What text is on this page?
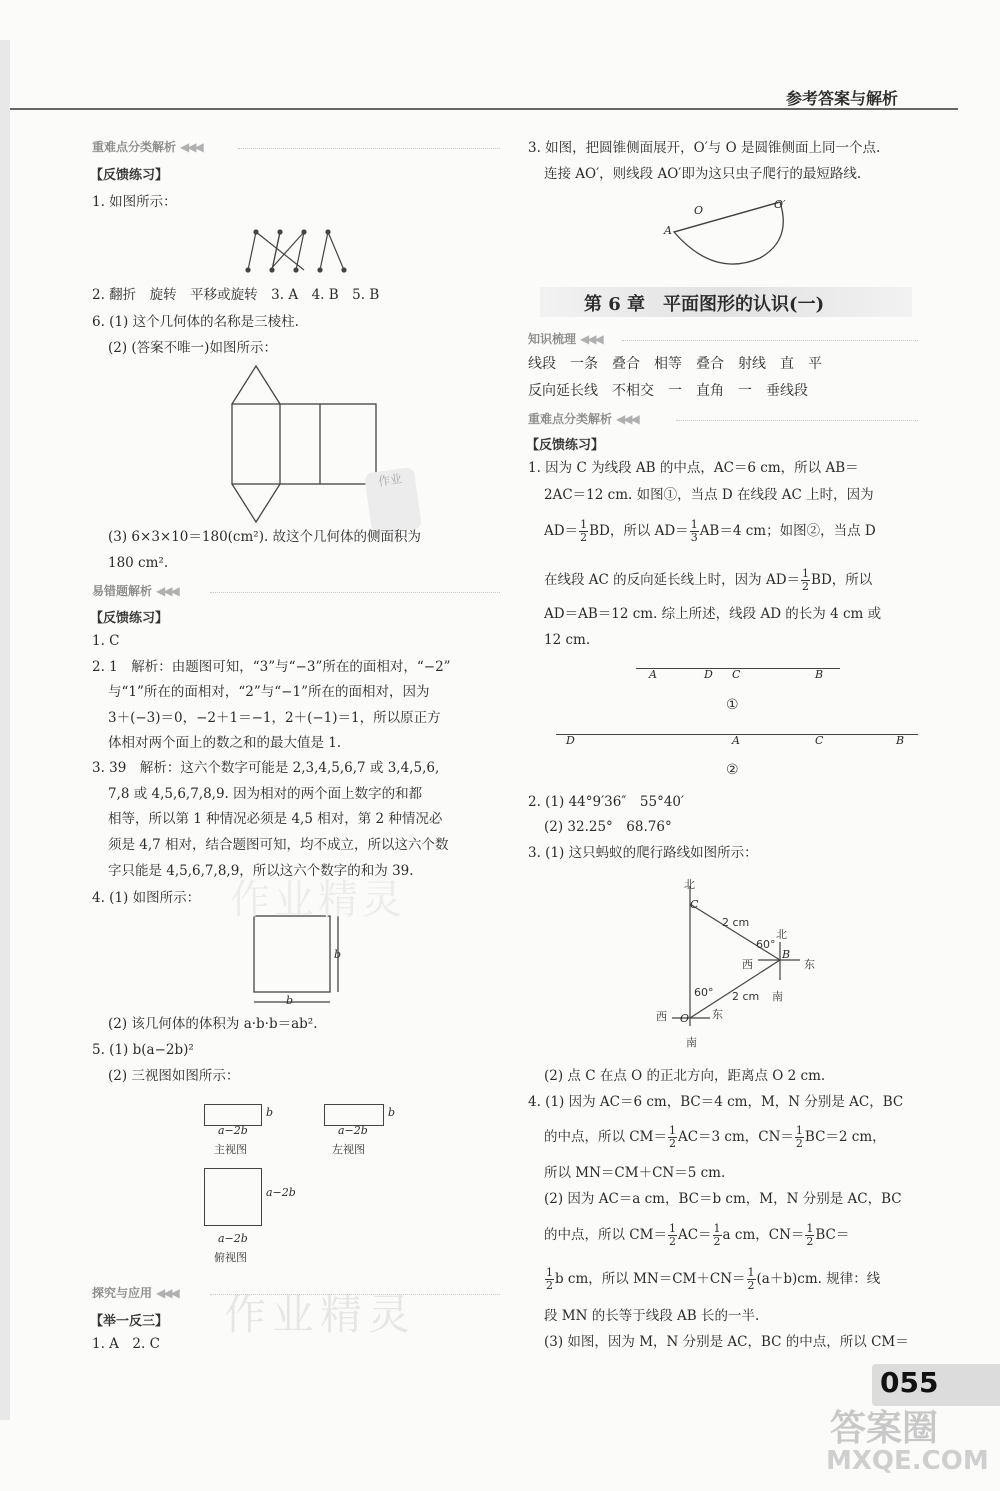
参考答案与解析
重难点分类解析 ◀◀◀
【反馈练习】
1. 如图所示：
2. 翻折　旋转　平移或旋转　3. A　4. B　5. B
6. (1) 这个几何体的名称是三棱柱.
(2) (答案不唯一)如图所示：
作业
(3) 6×3×10＝180(cm²). 故这个几何体的侧面积为
180 cm².
易错题解析 ◀◀◀
【反馈练习】
1. C
2. 1　解析：由题图可知，“3”与“−3”所在的面相对，“−2”
与“1”所在的面相对，“2”与“−1”所在的面相对，因为
3＋(−3)＝0，−2＋1＝−1，2＋(−1)＝1，所以原正方
体相对两个面上的数之和的最大值是 1.
3. 39　解析：这六个数字可能是 2,3,4,5,6,7 或 3,4,5,6,
7,8 或 4,5,6,7,8,9. 因为相对的两个面上数字的和都
相等，所以第 1 种情况必须是 4,5 相对，第 2 种情况必
须是 4,7 相对，结合题图可知，均不成立，所以这六个数
字只能是 4,5,6,7,8,9，所以这六个数字的和为 39.
4. (1) 如图所示：
b
b
(2) 该几何体的体积为 a·b·b＝ab².
5. (1) b(a−2b)²
(2) 三视图如图所示：
b
a−2b
主视图
b
a−2b
左视图
a−2b
a−2b
俯视图
探究与应用 ◀◀◀ 作业精灵
【举一反三】
1. A　2. C
作业精灵
3. 如图，把圆锥侧面展开，O′与 O 是圆锥侧面上同一个点.
连接 AO′，则线段 AO′即为这只虫子爬行的最短路线.
A
O	O′
第 6 章　平面图形的认识(一)
知识梳理 ◀◀◀
线段　一条　叠合　相等　叠合　射线　直　平
反向延长线　不相交　一　直角　一　垂线段
重难点分类解析 ◀◀◀
【反馈练习】
1. 因为 C 为线段 AB 的中点，AC＝6 cm，所以 AB＝
2AC＝12 cm. 如图①，当点 D 在线段 AC 上时，因为
$AD= \frac{1}{2}$ BD，所以 $AD= \frac{1}{3} AB=4$ cm；如图②，当点 D
在线段 AC 的反向延长线上时，因为 $AD= \frac{1}{2}$ BD，所以
AD＝AB＝12 cm. 综上所述，线段 AD 的长为 4 cm 或
12 cm.
A	D C	B
①
D	A	C	B
②
2. (1) 44°9′36″　55°40′
(2) 32.25°　68.76°
3. (1) 这只蚂蚁的爬行路线如图所示：
北
C
2 cm
北
60°
西
B
东
南
2 cm
60°
西 O 东
南
(2) 点 C 在点 O 的正北方向，距离点 O 2 cm.
4. (1) 因为 AC＝6 cm，BC＝4 cm，M，N 分别是 AC，BC
的中点，所以 $CM= \frac{1}{2} AC=3$ cm，$CN= \frac{1}{2} BC=2$ cm，
所以 MN＝CM＋CN＝5 cm.
(2) 因为 AC＝a cm，BC＝b cm，M，N 分别是 AC，BC
的中点，所以 $CM= \frac{1}{2} AC= \frac{1}{2}$ a cm，$CN= \frac{1}{2} BC=$
$\frac{1}{2}$ b cm，所以 $MN=CM+CN= \frac{1}{2} (a+b)cm$. 规律：线
段 MN 的长等于线段 AB 长的一半.
(3) 如图，因为 M，N 分别是 AC，BC 的中点，所以 CM＝
055
答案圈
MXQE.COM
